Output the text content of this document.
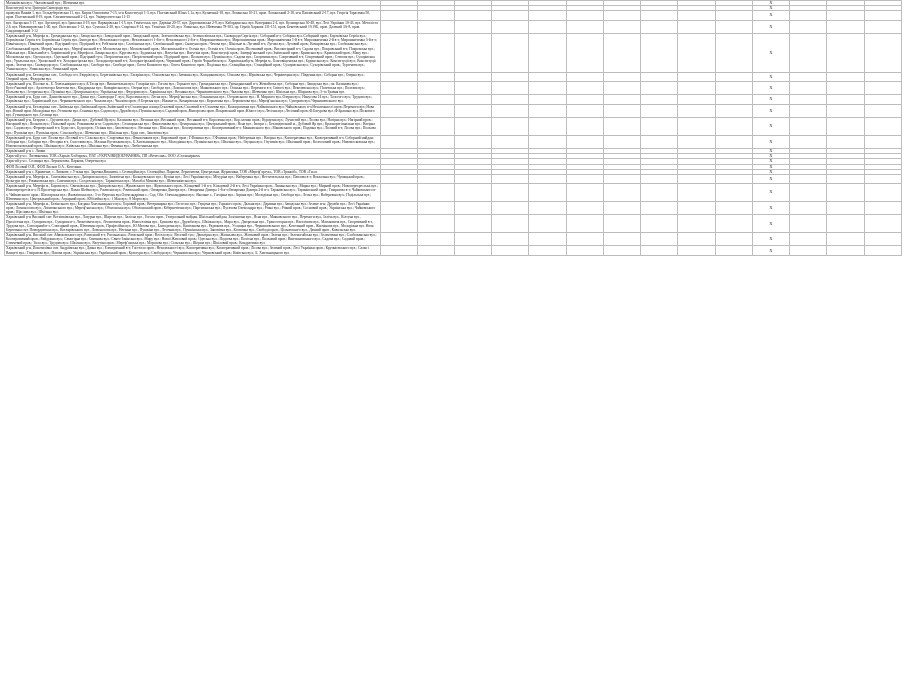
Малинівська вул.; Чкаловський вул.; Шевченка вул.											X			
Конституції м-н; Григорія Сковороди вул.											X			
провулок Ваянів 1, вул. Гольдебергівська 11, вул. Кирпа Осиповича 7-13, м-н Конституції 1-3, вул. Полтавський Шлях 1,1а, вул. Кузнечна2-18, вул. Лопанська 10-21, пров. Лопанський 2-18, м-н Павлівський 2-17, вул. Георгія Тарасенка 50, пров. Полтавський 8-19, пров. Єлизаветинський 2-12, вул. Університетська 11-15											X			
вул. Ангарська 3-17, вул. Артилерії, вул. Іриксона 4-19, вул. Варварівська 1-15, вул. Генічеська, вул. Дарвіна 20-37, вул. Даргомижська 2-9, вул. Кабардинська, вул. Коперника 2-4, вул. Кульварська 30-48, вул. Лесі Українки 10-43, вул. Металіста 2,6, вул. Новомировська 1-40, вул. Полтавська 1-12, вул. Сумська 2-28, вул. Спартака 8-14, вул. Технічна 10-20, вул. Уманська, вул. Шевченка 78-303, пр. Героїв Харкова 131-151, пров. Бекетівський 19,19Б, пров. Далекий 3А-8, пров. Сандомирський 1-12											X			
Харківський р-н, Мерефа м., Громадянська вул.; Заводська вул.; Заводський пров.; Заводський пров.; Зеленогаївська вул.; Зеленогаївська вул.; Сковороди Сергія вул.; Соборний в-з; Соборна вул.;Соборний пров.; Бортківська Сергія вул.; Бортківська Сергія в-з; Бортківська Сергія вул.;Злагоди вул.; Незалежності пров.; Незалежності 1-й в-з; Незалежності 2-й в-з; Мирошниченка вул.; Мирошниченка пров.; Мирошниченка 1-й в-з; Мирошниченка 2-й в-з; Мирошниченка 3-й в-з; Північна вул.; Північний пров.; Підгірний туп.; Підгірний в-з; Робітнича вул.; Слов'янська вул.; Слов'янський пров.; Скошуня пров.; Чехова вул.; Шкільне м.;Луговий в-з; Лугова вул.; Луговий пров.; Комарівська вул.; Слобожанська вул.; Слобожанський пров.; Мерефʼянська вул.; Мерефʼянський в-з; Московська вул.; Московський пров.; Московський в-з; Осеніа вул.; Осеніа в-з; Осеніа пров.;Пісочковий пров.; Високогірний в-з; Садова вул.; Покровський в-з; Покровська вул.; Шкільна вул.; Шкільний в-з, Харківський р-н, Мерефа м., Бакарська вул.; Кругова вул.; Будинська вул.; Ватутіна вул.; Ватутіна пров.; Конституції пров.; Замерфʼянський туп.;Зміївський пров.; Кримська вул.; Кримський пров.; Мацу вул.; Московська вул.; Одеська вул.; Одеський пров.; Підгірний туп.; Патріотична вул.; Патріотичний пров.; Підгірний пров.; Польова вул.; Пушкіна вул.; Садова вул.; Спортивна вул.; Спортивний в-з; Спортивний пров.; Степова вул.; Сухорівська вул.; Уральська вул.; Уральський в-з; Холодногірська вул.; Холодногірський в-з; Холодногірський пров.; Червоний пров.; Героїв Чорнобиля вул.; Харківський р-н, Мерефа м., Благовіщенська вул.; Будинська вул.; Конституції вул.; Конституції пров.; Зелена вул.; Сковороди вул.; Слобожанська вул.; Свободи вул.; Свободи пров.; Олега Кошового вул.; Олега Кошового пров.; Подільна вул.; Станційна вул.; Станційний пров.; Сухорівська вул.; Сухорівський пров.; Тургенєва вул.; Уманська вул.; Уманська вул.; Уманський пров.											X			
Харківський р-н, Безлюдівка смт., Слобода сел.;Тюрріві вул.; Берегинівська вул.; Гагаріна вул.; Ольховська вул.; Затишна вул.; Колядинова вул.; Ольхова вул.; Юрківська вул.; Чернівецька вул.; Південна вул.; Соборна вул.; Озерна вул.; Озерний пров.; Федорова вул.											X			
Харківський р-н, Пісочне м., Б. Хмельницького вул.;Б.Тасця вул.; Вишнепільна вул.; Гагаріна вул.; Гоголя вул.; Горького вул.; Громадянська вул.; Громадянський в-з; Жемайтока вул.; Соборна вул.; Заводська вул.; пк. Калинова вул.; Кутоз*яновой вул.; Архітектора Бекетова вул.; Кіндрацька вул.; Комарівська вул.; Озерна вул.; Свободи вул.; Ломоносова вул.; Маяковського вул.; Осінька вул.; Перемоги в-з; Свiвсті вул.; Пекелевська вул.; Полевська вул.; Полтава вул.; Польова вул.; Історична вул.; Пушкіна вул.; Центральна вул.; Українська вул.; Федорова вул.; Харківська вул.; Весняна вул.; Чернишевського вул.; Чкалова вул.; Шевченко вул.; Шкільна вул.; Ширяєва вул.; 5-та Травня вул.											X			
Харківський р-н, Буди смт., Данилівського вул.; Дачна вул.; Сковороди Г. вул.; Короленка вул.; Лесна вул.; Мерефʼянська вул.; Ольшанська вул.; Островського вул.; Н. Мирного вул.;Озерна вул.; Нанусова 14 вул.; Толстого вул.; Трудова вул.; Харківська вул.; Харківський туп.; Чернишевського вул.; Чкалова вул.; Чкалова пров.; 8 Березня вул.; Ніжине м., Комарівська вул.; Короленка вул.; Лермонтова вул.; Мерефʼянська вул.; Суворова вул.;Чернишевського вул.											X			
Харківський р-н, Безлюдівка смт., Зміївська вул.;Зміївський пров.;Зміївський в-з;Сталеворна площа;Сталевий пров.;Сталевий в-з;Сталевва вул.; Коопоративна вул.;Чайковського вул.;Чайковського в-з;Незалежності пров.;Перемоги вул.;Нова вул.;Новий пров.;Молодіжна вул.;Устинова вул.;Сонячна вул.;Садова вул.;Дружби вул.;Пушкінська вул.;Садовий пров.;Вінторсова пров.;Покровський пров.;Юності вул.;Лесічна вул.;Лесічний пров.;Ф.Батурова вул.;Ф.Брашько вул.;Піскового вул.;Гутницького вул.;Селища вул.											X			
Харківський р-н, Безруки с., Грушева вул.; Дачна вул.; Дубовий Яр вул.; Калинова вул.; Весняна вул.;Весняний пров.; Весняний в-з; Короленко вул.; Кор.оленко пров.; Курортна вул.; Лучистий вул.; Лісова вул.; Нагірна вул.; Нагірний пров.; Нагорний вул.; Польова вул.; Польовий пров.; Ромашкова м-м; Садова вул.; Селищинська вул.; Фанасенківа вул.; Центральна вул.; Центральний пров.; Ясна вул.; Івспри с., Безлюдівський м., Дубовий Яр вул.; Краснорегіональна вул.; Нагірна вул.; Садова вул.; Фермерський в-з; Буди смт., Буди пров.; Осіння вул.; Заповітна вул.; Весняна вул.; Шкільна вул.; Кооперативна вул.; Кооперативний в-з; Маяковського вул.; Маковського пров.; Подачна вул.; Лісовий в-з; Лісова вул.; Польова вул.; Пушкіна вул.; Пушкіна пров.; Сільськабуд м.; Шевченко вул.; Шкільна вул.; Буди смт., Заповітна вул.											X			
Харківський р-н, Буди смт. Лісова вул.;Лісовий в-з; Сільська вул.; Спортивна вул.; Фанасенкова вул.; Кирлачний пров.; Г.Фомина вул.; Г.Фомина пров.; Набережна вул.; Нагірна вул.; Кооперативна вул.; Кооперативний в-з; Соборний майдан; Соборна вул.; Соборна вул.; Фесорна в-з, Счастлива вул., Малина Кутиськова вул., Б.Хмельницького вул., Молодіжна вул.; Пушкінська вул.; Шкільна вул.; Гвуцька вул.; Гвутинів вул.; Шкільний пров.; Колгоспний пров.; Новомосковська вул.; Новомосковський пров.; Шкільна вул.; Київська вул.; Шкільна вул.; Фомина вул.; Люботинська вул.											X			
Харківський р-н с. Липки											X			
Харк-ий р-н с. Литвиненки, ТОВ «Харків Хлібпром», ПАТ «УКРГАЗВИДОБУВАННЯ», ПП «Вечеслав», ООО «Стальмарком»											X			
Харк-ий р-н с. Селищна вул. Лермонтова, Паркова, Очеретна вул.											X			
ФОП Лісовий О.П., ФОП Лисков О.А., Котельня.											X			
Харківський р-н с. Кривичне, с. Липкове, с.Уткіна вул. Заречна,Вишнева, с.Селекційна вул. Селекційна, Паркова, Лермонтова, Центральна, Журавлина, ТОВ «Мерефʼаргук», ТОВ «Транпіб», ТОВ «Таса»											X			
Харківський р-н, Мерефа м., Спичківінська вул.; Дніпровська вул.; Заповітна вул.; Кольцевського вул.; Купіна вул.; Лесі Українки вул.; Мічуріна вул.; Набережна вул.; Нестичельська вул.; Павлова в-з; Вокзальна вул.; Чумацький пров.; Культури вул.; Романовська вул.; Самчина вул.; Солдатська вул.; Таранівська вул.; Махоблі Минова вул.; Шевченківська вул.											X			
Харківський р-н, Мерефа м., Борова вул.; Свичківська вул.; Дніпровська вул.; Жуковського вул.; Жуковського пров.; Кільцевий 1-й в-з; Кільцевий 2-й в-з; Лесі Українки пров.; Липанська вул.; Мирна вул.; Мирний пров.; Новоперехресська вул.; Новоперехресів в-з; П.Пролетарська вул.; Павла Шейки вул.; Ржевська вул.; Ржевський пров.; Овчаренка Дмитра вул.; Овчаренка Дмитра 1-й в-з;Овчаренка Дмитра 2-й в-з; Таранівська вул.; Таранівський пров.; Тимрязєва в-з; Чайковського в-з; Чайковського пров.; Шахтарська вул.; Яковлівська вул.; 5-го Вересня вул.Олександрівна с.; Сад. Обл. Олександрівка вул.; Якольне с., Гагаріна вул.; Зоряна вул.; Молодіжна вул.; Свободи вул.; Лесна вул.; Набережна вул.; Подільська вул.; Шевченко вул.; Центральний пров.; Аграрний пров.; Юбілейна вул.; 1 Мая вул.; 8 Марта вул.											X			
Харківський р-н, Мерефа м., Белінського вул.; Богдана Хмельницького вул.; Боровий пров.; Ветеринарна вул.; Гастелло вул.; Герцена вул.; Горького пров.; Дальня вул.; Дарвина вул.; Заводська вул.; Зелене м-н; Дружби вул.; Лесі Українки пров.; Ломоносова вул.; Лопатинського вул.; Мерефʼянська вул.; Оболонська вул.; Оболонський пров.; Кібернетична вул.; Партизанська вул.; Пугачова Олександра вул.; Річна вул.; Річний пров.; Сосновий пров.; Українська вул.; Чайковського пров.; Щаслива вул.; Шкільна вул.											X			
Харківський р-н Високий смт. Вєтхівківська вул., Лазурна вул., Ширена вул., Залісна вул., Гоголя пров., Театральний майдан, Шкільний майдан, Залізнична вул., Ясна вул., Маяковського вул., Перемоги вул., Ілліча вул., Кілтуна вул., Пролісечна вул., Суворова вул., Суворова в-з, Леонтовича вул., Леонтовича пров., Новоселівна вул., Бушкова вул., Дружби вул., Шкільна вул., Мира вул., Джерельна вул., Трансготорна вул., Вінтлічова вул., Матьковича вул., Спортивний в-з, Трудова вул., Слюсарний в-з, Слюсарний пров., Шевченко пров., Професійна вул., Ю.Матова вул., Благодатна вул., Капітанова вул., Радюкова вул., Уєлищна вул., Чернишевського вул., Котельний пров., Жасмінова вул., Молодіжна вул. Нова Берегинка смт. Помордовська вул., Котлярівського вул., Ломоносова вул., Негінна вул., Пушкіна вул., Лесенна вул., Пушкінська вул., Заповітна вул., Косвочна вул., Свободи пров., Цільовського вул., Дачний пров., Ковальська вул.											X			
Харківський р-н, Високий смт. Айвазовського вул.;Раєвський в-з; Раєльнаська.; Раєвський пров.; Весела вул.; Веселий туп.; Двоктірна вул.; Житньова вул.; Житковий пров.; Зелена вул.; Зеленогайська вул.; Зелентенна вул.; Слобожанська вул.; Кооперативний пров.; Райдужна вул.; Самогірна вул.; Святкова вул.; Свято-Ільїнська вул.; Миру вул.; Нової Житловий пров.; Одеська вул.; Подоєва вул.; Полісна вул.; Польовий пров.; Вінепоновського вул.; Садова вул.; Садовий пров.; Стенчевий пров.; Тиха вул.; Трудова вул.; Шкільна вул.; Ватутіна пров.; Мерефʼянська вул.; Морозова вул.; Сільська вул.; Шерша вул.; Шкіловий пров.; Кондратенко вул.											X			
Харківський р-н, Покотилівка смт. Андріївська вул.; Дачна вул.; Електричний в-з; Гастелло пров.; Незалежності вул.; Кооперативна вул.; Кооперативний пров.; Лісова вул.; Зелений пров.; Лесі Українки пров.; Крупнієвського вул.; Салко і Ванцеті вул.; Тімірязєва вул.; Патова пров.; Українська вул.; Український пров.; Культури вул.; Свободи вул.; Черняхівська вул.; Черновський пров.; Київська вул.; Б. Хмельницького вул.											X			
